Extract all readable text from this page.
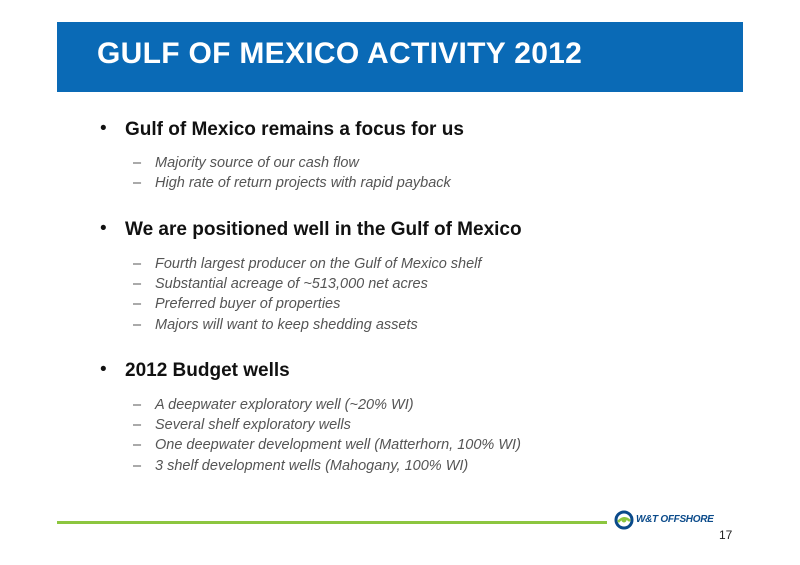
GULF OF MEXICO ACTIVITY 2012
• Gulf of Mexico remains a focus for us
– Majority source of our cash flow
– High rate of return projects with rapid payback
• We are positioned well in the Gulf of Mexico
– Fourth largest producer on the Gulf of Mexico shelf
– Substantial acreage of ~513,000 net acres
– Preferred buyer of properties
– Majors will want to keep shedding assets
• 2012 Budget wells
– A deepwater exploratory well (~20% WI)
– Several shelf exploratory wells
– One deepwater development well (Matterhorn, 100% WI)
– 3 shelf development wells (Mahogany, 100% WI)
W&T OFFSHORE
17
